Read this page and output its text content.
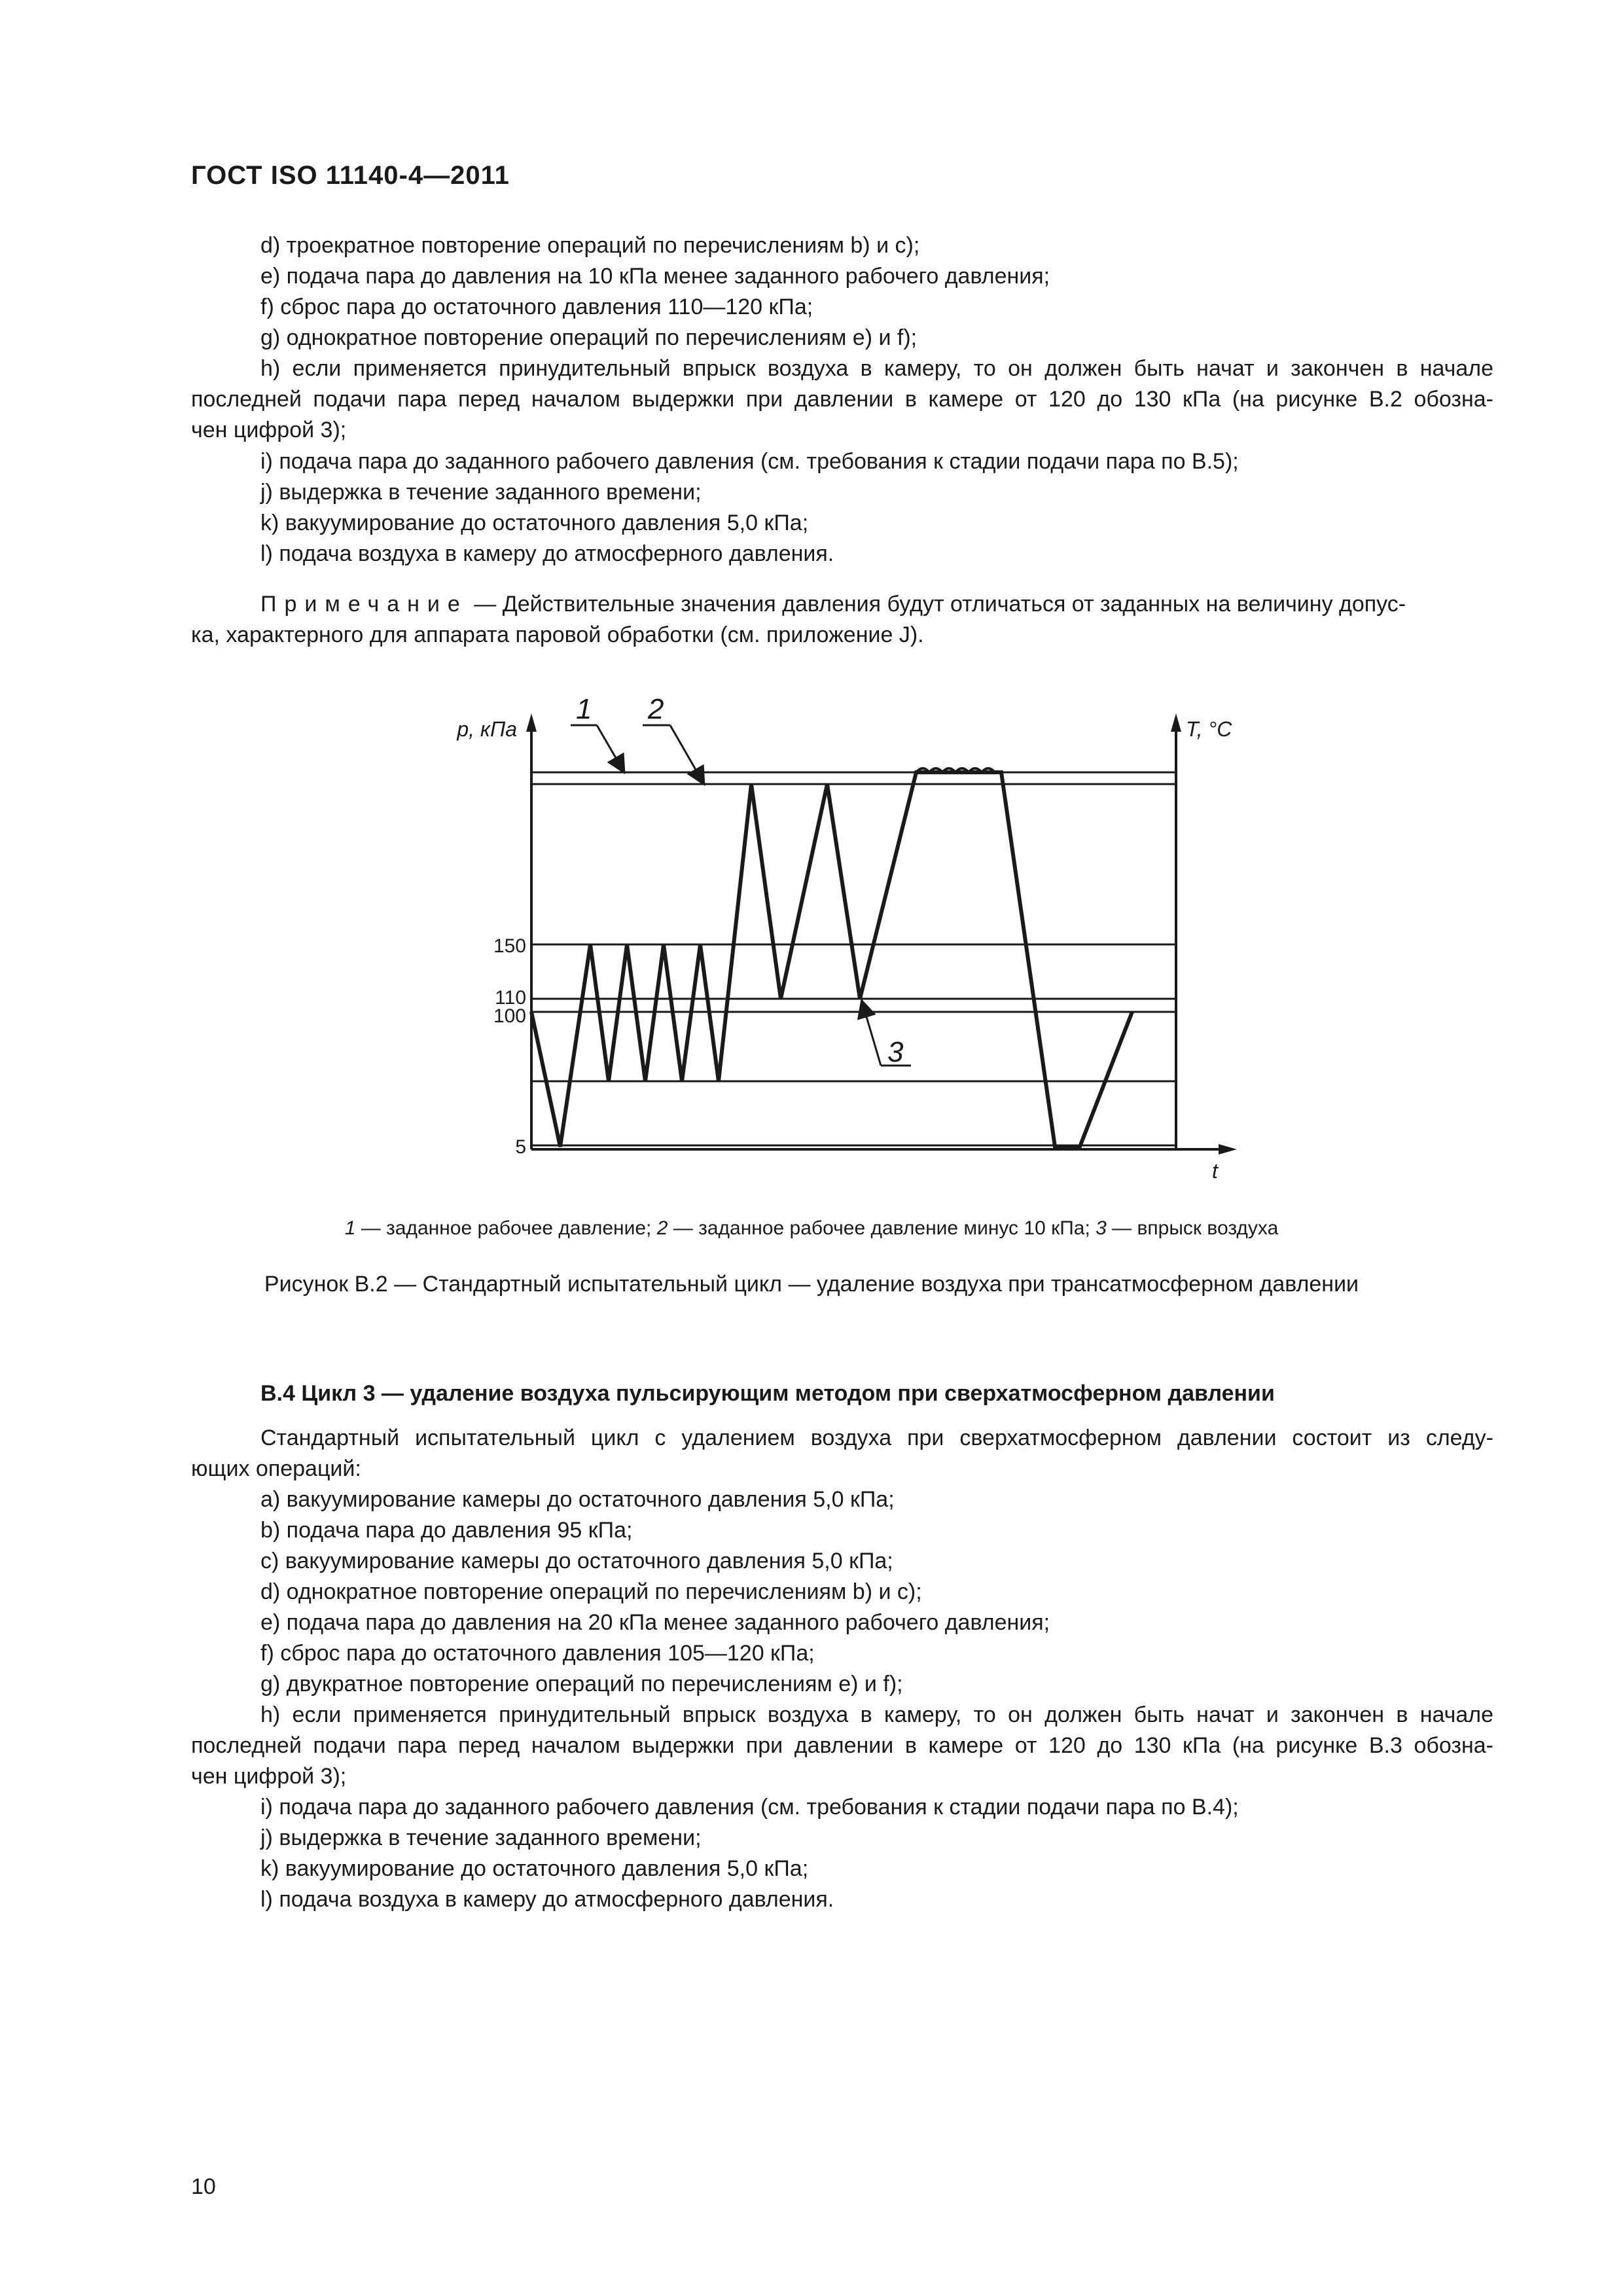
ГОСТ ISO 11140-4—2011
d) троекратное повторение операций по перечислениям b) и c);
e) подача пара до давления на 10 кПа менее заданного рабочего давления;
f) сброс пара до остаточного давления 110—120 кПа;
g) однократное повторение операций по перечислениям e) и f);
h) если применяется принудительный впрыск воздуха в камеру, то он должен быть начат и закончен в начале
последней подачи пара перед началом выдержки при давлении в камере от 120 до 130 кПа (на рисунке В.2 обозна-
чен цифрой 3);
i) подача пара до заданного рабочего давления (см. требования к стадии подачи пара по В.5);
j) выдержка в течение заданного времени;
k) вакуумирование до остаточного давления 5,0 кПа;
l) подача воздуха в камеру до атмосферного давления.
Примечание — Действительные значения давления будут отличаться от заданных на величину допус-
ка, характерного для аппарата паровой обработки (см. приложение J).
150
110
100
5
p, кПа	T, °C
t
1 2
3
1 — заданное рабочее давление; 2 — заданное рабочее давление минус 10 кПа; 3 — впрыск воздуха
Рисунок В.2 — Стандартный испытательный цикл — удаление воздуха при трансатмосферном давлении
В.4 Цикл 3 — удаление воздуха пульсирующим методом при сверхатмосферном давлении
Стандартный испытательный цикл с удалением воздуха при сверхатмосферном давлении состоит из следу-
ющих операций:
a) вакуумирование камеры до остаточного давления 5,0 кПа;
b) подача пара до давления 95 кПа;
c) вакуумирование камеры до остаточного давления 5,0 кПа;
d) однократное повторение операций по перечислениям b) и c);
e) подача пара до давления на 20 кПа менее заданного рабочего давления;
f) сброс пара до остаточного давления 105—120 кПа;
g) двукратное повторение операций по перечислениям e) и f);
h) если применяется принудительный впрыск воздуха в камеру, то он должен быть начат и закончен в начале
последней подачи пара перед началом выдержки при давлении в камере от 120 до 130 кПа (на рисунке В.3 обозна-
чен цифрой 3);
i) подача пара до заданного рабочего давления (см. требования к стадии подачи пара по В.4);
j) выдержка в течение заданного времени;
k) вакуумирование до остаточного давления 5,0 кПа;
l) подача воздуха в камеру до атмосферного давления.
10
